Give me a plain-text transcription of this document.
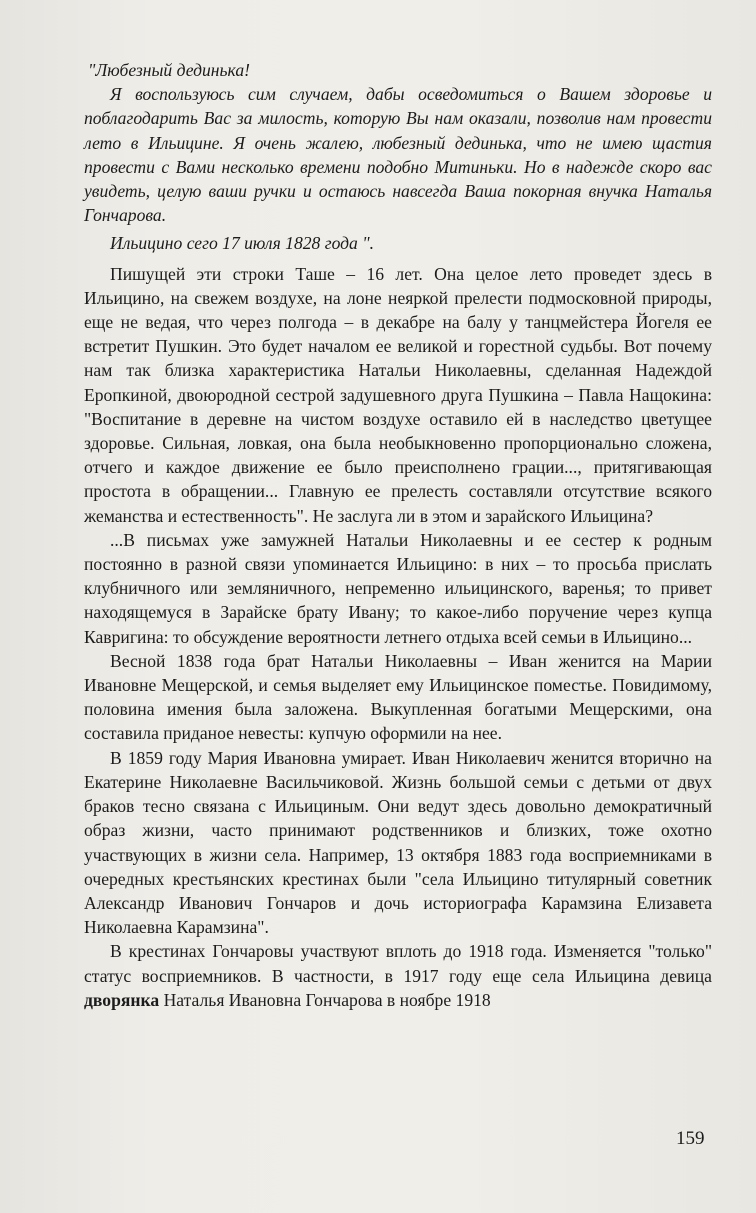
"Любезный дединька!

Я воспользуюсь сим случаем, дабы осведомиться о Вашем здоровье и поблагодарить Вас за милость, которую Вы нам оказали, позволив нам провести лето в Ильицине. Я очень жалею, любезный дединька, что не имею щастия провести с Вами несколько времени подобно Митиньки. Но в надежде скоро вас увидеть, целую ваши ручки и остаюсь навсегда Ваша покорная внучка Наталья Гончарова.

Ильицино сего 17 июля 1828 года ".

Пишущей эти строки Таше – 16 лет. Она целое лето проведет здесь в Ильицино, на свежем воздухе, на лоне неяркой прелести подмосковной природы, еще не ведая, что через полгода – в декабре на балу у танцмейстера Йогеля ее встретит Пушкин. Это будет началом ее великой и горестной судьбы. Вот почему нам так близка характеристика Натальи Николаевны, сделанная Надеждой Еропкиной, двоюродной сестрой задушевного друга Пушкина – Павла Нащокина: "Воспитание в деревне на чистом воздухе оставило ей в наследство цветущее здоровье. Сильная, ловкая, она была необыкновенно пропорционально сложена, отчего и каждое движение ее было преисполнено грации..., притягивающая простота в обращении... Главную ее прелесть составляли отсутствие всякого жеманства и естественность". Не заслуга ли в этом и зарайского Ильицина?

...В письмах уже замужней Натальи Николаевны и ее сестер к родным постоянно в разной связи упоминается Ильицино: в них – то просьба прислать клубничного или земляничного, непременно ильицинского, варенья; то привет находящемуся в Зарайске брату Ивану; то какое-либо поручение через купца Кавригина: то обсуждение вероятности летнего отдыха всей семьи в Ильицино...

Весной 1838 года брат Натальи Николаевны – Иван женится на Марии Ивановне Мещерской, и семья выделяет ему Ильицинское поместье. Повидимому, половина имения была заложена. Выкупленная богатыми Мещерскими, она составила приданое невесты: купчую оформили на нее.

В 1859 году Мария Ивановна умирает. Иван Николаевич женится вторично на Екатерине Николаевне Васильчиковой. Жизнь большой семьи с детьми от двух браков тесно связана с Ильициным. Они ведут здесь довольно демократичный образ жизни, часто принимают родственников и близких, тоже охотно участвующих в жизни села. Например, 13 октября 1883 года восприемниками в очередных крестьянских крестинах были "села Ильицино титулярный советник Александр Иванович Гончаров и дочь историографа Карамзина Елизавета Николаевна Карамзина".

В крестинах Гончаровы участвуют вплоть до 1918 года. Изменяется "только" статус восприемников. В частности, в 1917 году еще села Ильицина девица дворянка Наталья Ивановна Гончарова в ноябре 1918

159
